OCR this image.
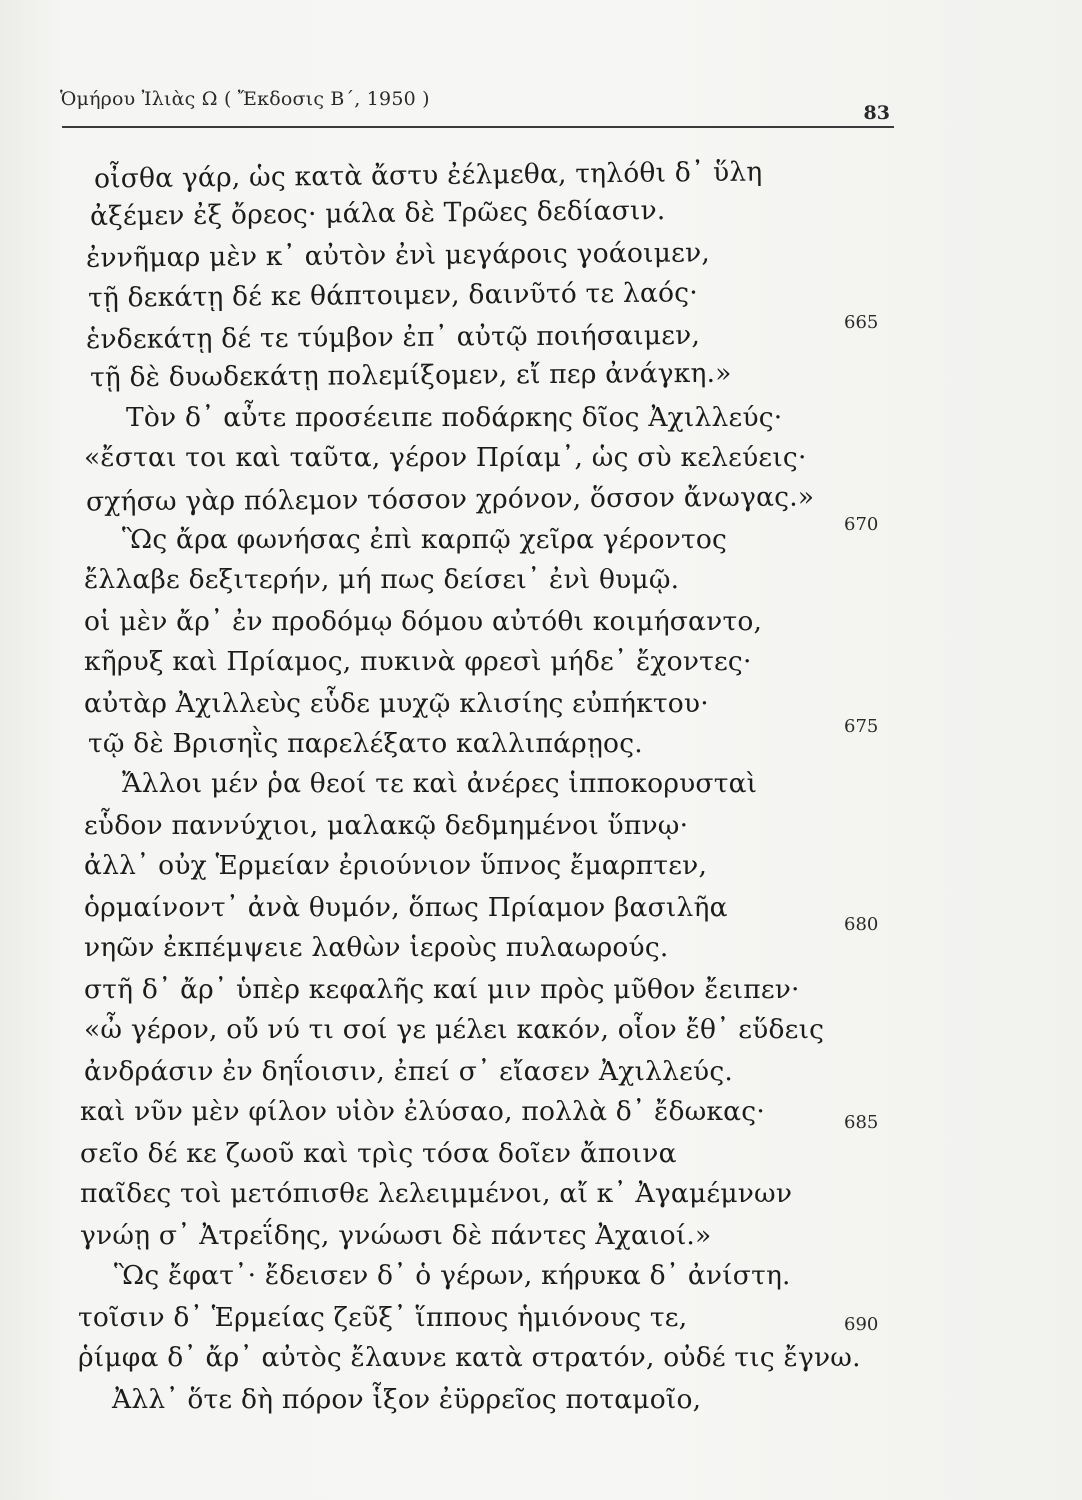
Ὁμήρου Ἰλιὰς Ω ( Ἔκδοσις Β΄, 1950 )
83
οἶσθα γάρ, ὡς κατὰ ἄστυ ἐέλμεθα, τηλόθι δ᾽ ὕλη
ἀξέμεν ἐξ ὄρεος· μάλα δὲ Τρῶες δεδίασιν.
ἐννῆμαρ μὲν κ᾽ αὐτὸν ἐνὶ μεγάροις γοάοιμεν,
τῇ δεκάτῃ δέ κε θάπτοιμεν, δαινῦτό τε λαός·
ἑνδεκάτῃ δέ τε τύμβον ἐπ᾽ αὐτῷ ποιήσαιμεν,
τῇ δὲ δυωδεκάτῃ πολεμίξομεν, εἴ περ ἀνάγκη.»
Τὸν δ᾽ αὖτε προσέειπε ποδάρκης δῖος Ἀχιλλεύς·
«ἔσται τοι καὶ ταῦτα, γέρον Πρίαμ᾽, ὡς σὺ κελεύεις·
σχήσω γὰρ πόλεμον τόσσον χρόνον, ὅσσον ἄνωγας.»
Ὣς ἄρα φωνήσας ἐπὶ καρπῷ χεῖρα γέροντος
ἔλλαβε δεξιτερήν, μή πως δείσει᾽ ἐνὶ θυμῷ.
οἱ μὲν ἄρ᾽ ἐν προδόμῳ δόμου αὐτόθι κοιμήσαντο,
κῆρυξ καὶ Πρίαμος, πυκινὰ φρεσὶ μήδε᾽ ἔχοντες·
αὐτὰρ Ἀχιλλεὺς εὗδε μυχῷ κλισίης εὐπήκτου·
τῷ δὲ Βρισηῒς παρελέξατο καλλιπάρῃος.
Ἄλλοι μέν ῥα θεοί τε καὶ ἀνέρες ἱπποκορυσταὶ
εὗδον παννύχιοι, μαλακῷ δεδμημένοι ὕπνῳ·
ἀλλ᾽ οὐχ Ἑρμείαν ἐριούνιον ὕπνος ἔμαρπτεν,
ὁρμαίνοντ᾽ ἀνὰ θυμόν, ὅπως Πρίαμον βασιλῆα
νηῶν ἐκπέμψειε λαθὼν ἱεροὺς πυλαωρούς.
στῆ δ᾽ ἄρ᾽ ὑπὲρ κεφαλῆς καί μιν πρὸς μῦθον ἔειπεν·
«ὦ γέρον, οὔ νύ τι σοί γε μέλει κακόν, οἷον ἔθ᾽ εὕδεις
ἀνδράσιν ἐν δηΐοισιν, ἐπεί σ᾽ εἴασεν Ἀχιλλεύς.
καὶ νῦν μὲν φίλον υἱὸν ἐλύσαο, πολλὰ δ᾽ ἔδωκας·
σεῖο δέ κε ζωοῦ καὶ τρὶς τόσα δοῖεν ἄποινα
παῖδες τοὶ μετόπισθε λελειμμένοι, αἴ κ᾽ Ἀγαμέμνων
γνώῃ σ᾽ Ἀτρεΐδης, γνώωσι δὲ πάντες Ἀχαιοί.»
Ὣς ἔφατ᾽· ἔδεισεν δ᾽ ὁ γέρων, κήρυκα δ᾽ ἀνίστη.
τοῖσιν δ᾽ Ἑρμείας ζεῦξ᾽ ἵππους ἡμιόνους τε,
ῥίμφα δ᾽ ἄρ᾽ αὐτὸς ἔλαυνε κατὰ στρατόν, οὐδέ τις ἔγνω.
Ἀλλ᾽ ὅτε δὴ πόρον ἷξον ἐϋρρεῖος ποταμοῖο,
665
670
675
680
685
690
